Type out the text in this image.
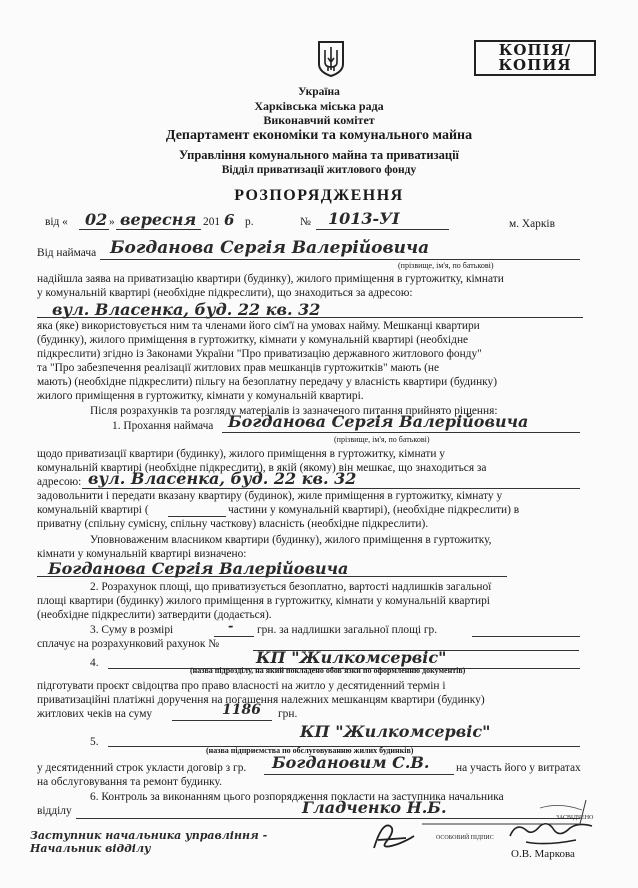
КОПІЯ/
КОПИЯ
Україна
Харківська міська рада
Виконавчий комітет
Департамент економіки та комунального майна
Управління комунального майна та приватизації
Відділ приватизації житлового фонду
РОЗПОРЯДЖЕННЯ
від « 02 » вересня 201 6 р.	№ 1013-УІ	м. Харків
Від наймача Богданова Сергія Валерійовича
(прізвище, ім'я, по батькові)
надійшла заява на приватизацію квартири (будинку), жилого приміщення в гуртожитку, кімнати
у комунальній квартирі (необхідне підкреслити), що знаходиться за адресою:
вул. Власенка, буд. 22 кв. 32
яка (яке) використовується ним та членами його сім'ї на умовах найму. Мешканці квартири
(будинку), жилого приміщення в гуртожитку, кімнати у комунальній квартирі (необхідне
підкреслити) згідно із Законами України "Про приватизацію державного житлового фонду"
та "Про забезпечення реалізації житлових прав мешканців гуртожитків" мають (не
мають) (необхідне підкреслити) пільгу на безоплатну передачу у власність квартири (будинку)
жилого приміщення в гуртожитку, кімнати у комунальній квартирі.
Після розрахунків та розгляду матеріалів із зазначеного питання прийнято рішення:
1. Прохання наймача Богданова Сергія Валерійовича
(прізвище, ім'я, по батькові)
щодо приватизації квартири (будинку), жилого приміщення в гуртожитку, кімнати у
комунальній квартирі (необхідне підкреслити), в якій (якому) він мешкає, що знаходиться за
адресою: вул. Власенка, буд. 22 кв. 32
задовольнити і передати вказану квартиру (будинок), жиле приміщення в гуртожитку, кімнату у
комунальній квартирі (	частини у комунальній квартирі), (необхідне підкреслити) в
приватну (спільну сумісну, спільну часткову) власність (необхідне підкреслити).
Уповноваженим власником квартири (будинку), жилого приміщення в гуртожитку,
кімнати у комунальній квартирі визначено:
Богданова Сергія Валерійовича
2. Розрахунок площі, що приватизується безоплатно, вартості надлишків загальної
площі квартири (будинку) жилого приміщення в гуртожитку, кімнати у комунальній квартирі
(необхідне підкреслити) затвердити (додається).
3. Суму в розмірі	- грн. за надлишки загальної площі гр.
сплачує на розрахунковий рахунок №
4.	КП "Жилкомсервіс"
(назва підрозділу, на який покладено обов'язки по оформленню документів)
підготувати проєкт свідоцтва про право власності на житло у десятиденний термін і
приватизаційні платіжні доручення на погашення належних мешканцям квартири (будинку)
житлових чеків на суму	1186 грн.
5.
КП "Жилкомсервіс"
(назва підприємства по обслуговуванню жилих будинків)
у десятиденний строк укласти договір з гр. Богдановим С.В. на участь його у витратах
на обслуговування та ремонт будинку.
6. Контроль за виконанням цього розпорядження покласти на заступника начальника
відділу	Гладченко Н.Б.
ЗАСВІДЧЕНО
ОСОБОВИЙ ПІДПИС
Заступник начальника управління -
Начальник відділу	О.В. Маркова
